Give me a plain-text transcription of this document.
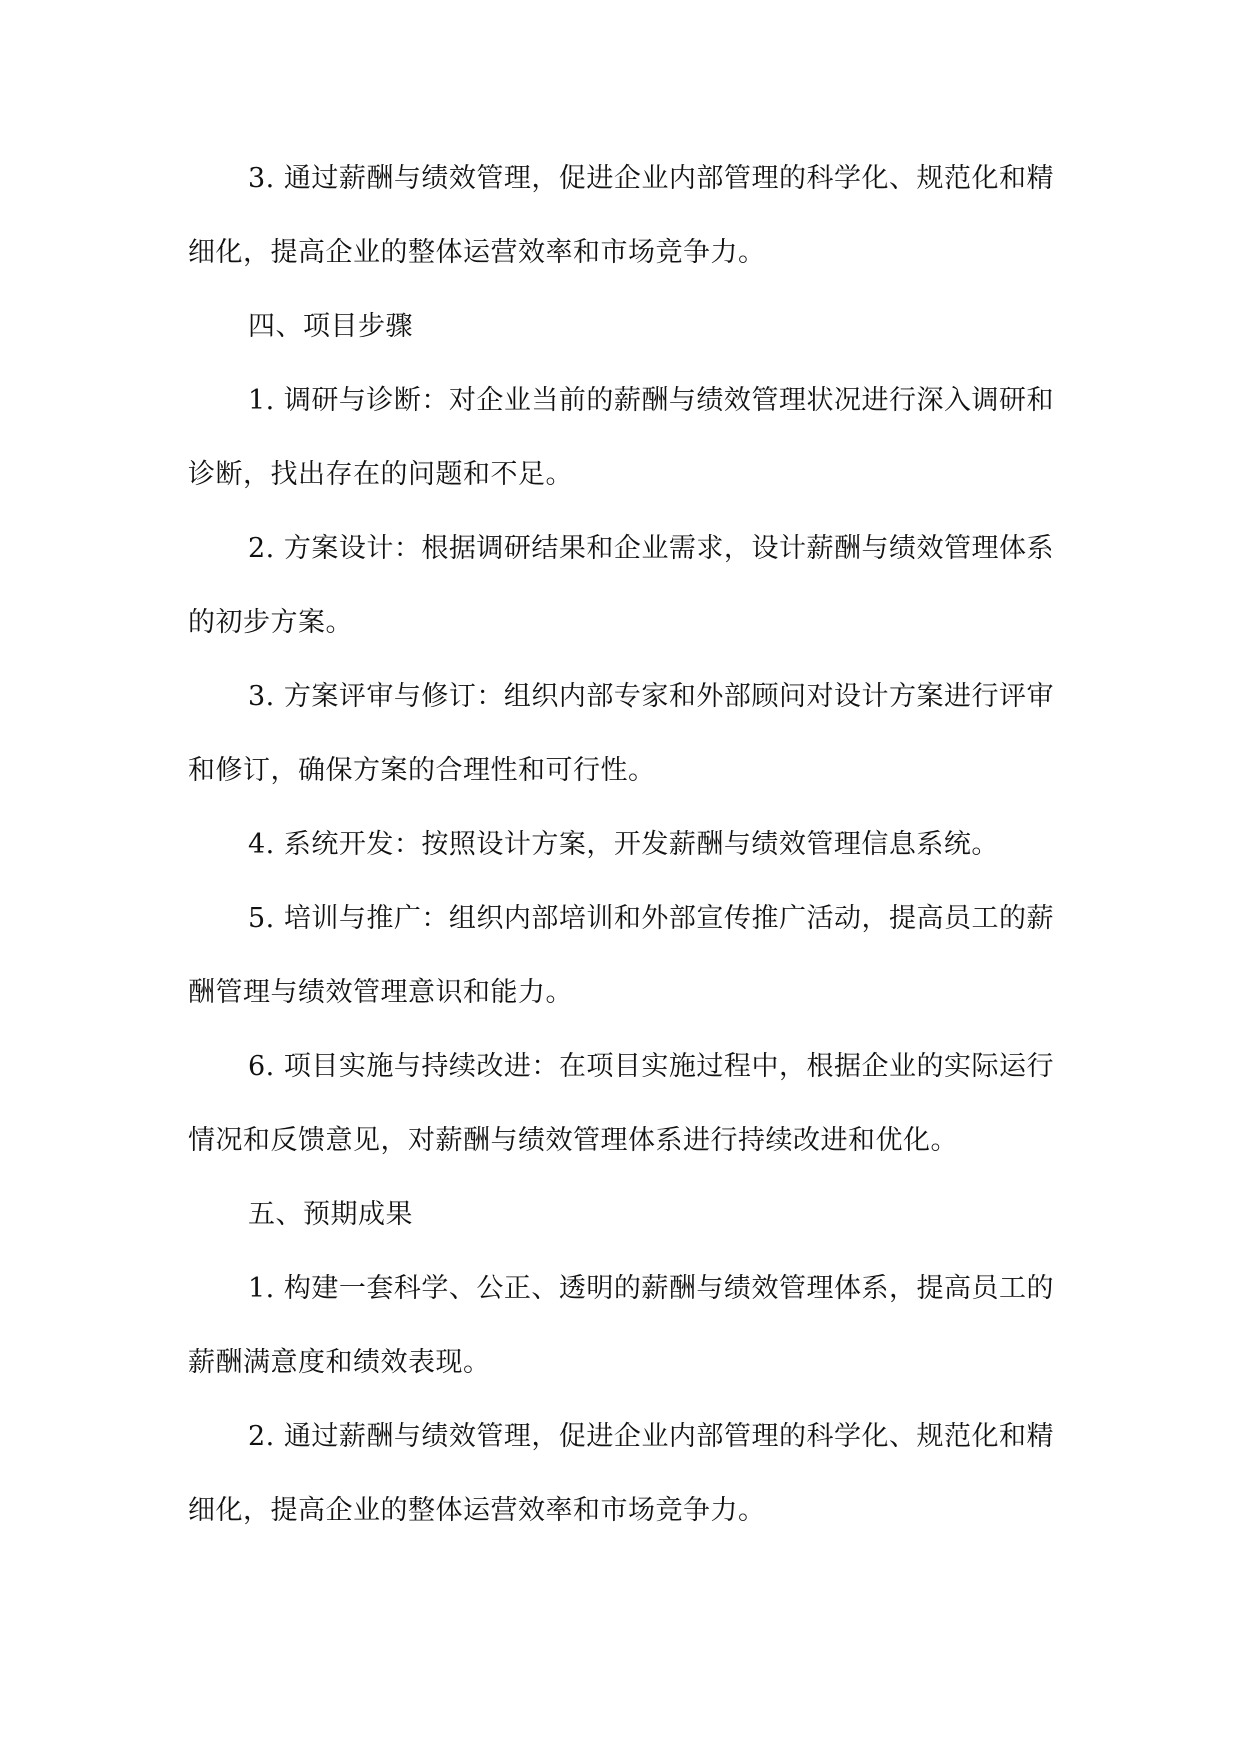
3. 通过薪酬与绩效管理，促进企业内部管理的科学化、规范化和精细化，提高企业的整体运营效率和市场竞争力。

四、项目步骤

1. 调研与诊断：对企业当前的薪酬与绩效管理状况进行深入调研和诊断，找出存在的问题和不足。

2. 方案设计：根据调研结果和企业需求，设计薪酬与绩效管理体系的初步方案。

3. 方案评审与修订：组织内部专家和外部顾问对设计方案进行评审和修订，确保方案的合理性和可行性。

4. 系统开发：按照设计方案，开发薪酬与绩效管理信息系统。

5. 培训与推广：组织内部培训和外部宣传推广活动，提高员工的薪酬管理与绩效管理意识和能力。

6. 项目实施与持续改进：在项目实施过程中，根据企业的实际运行情况和反馈意见，对薪酬与绩效管理体系进行持续改进和优化。

五、预期成果

1. 构建一套科学、公正、透明的薪酬与绩效管理体系，提高员工的薪酬满意度和绩效表现。

2. 通过薪酬与绩效管理，促进企业内部管理的科学化、规范化和精细化，提高企业的整体运营效率和市场竞争力。
